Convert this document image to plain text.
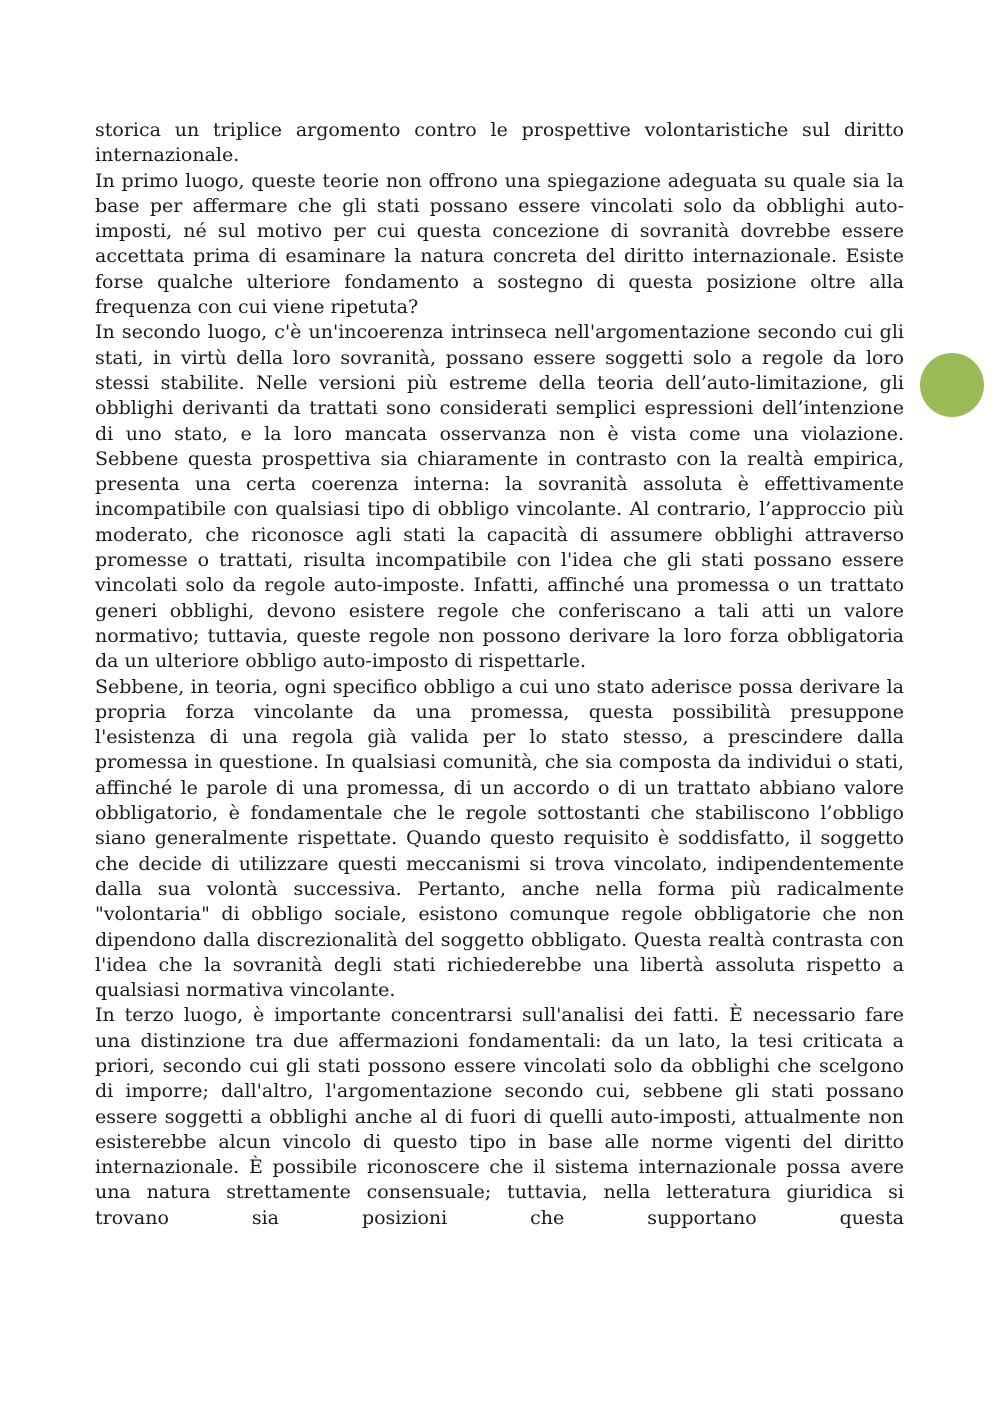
storica un triplice argomento contro le prospettive volontaristiche sul diritto internazionale.

In primo luogo, queste teorie non offrono una spiegazione adeguata su quale sia la base per affermare che gli stati possano essere vincolati solo da obblighi auto-imposti, né sul motivo per cui questa concezione di sovranità dovrebbe essere accettata prima di esaminare la natura concreta del diritto internazionale. Esiste forse qualche ulteriore fondamento a sostegno di questa posizione oltre alla frequenza con cui viene ripetuta?

In secondo luogo, c'è un'incoerenza intrinseca nell'argomentazione secondo cui gli stati, in virtù della loro sovranità, possano essere soggetti solo a regole da loro stessi stabilite. Nelle versioni più estreme della teoria dell’auto-limitazione, gli obblighi derivanti da trattati sono considerati semplici espressioni dell’intenzione di uno stato, e la loro mancata osservanza non è vista come una violazione. Sebbene questa prospettiva sia chiaramente in contrasto con la realtà empirica, presenta una certa coerenza interna: la sovranità assoluta è effettivamente incompatibile con qualsiasi tipo di obbligo vincolante. Al contrario, l’approccio più moderato, che riconosce agli stati la capacità di assumere obblighi attraverso promesse o trattati, risulta incompatibile con l'idea che gli stati possano essere vincolati solo da regole auto-imposte. Infatti, affinché una promessa o un trattato generi obblighi, devono esistere regole che conferiscano a tali atti un valore normativo; tuttavia, queste regole non possono derivare la loro forza obbligatoria da un ulteriore obbligo auto-imposto di rispettarle.

Sebbene, in teoria, ogni specifico obbligo a cui uno stato aderisce possa derivare la propria forza vincolante da una promessa, questa possibilità presuppone l'esistenza di una regola già valida per lo stato stesso, a prescindere dalla promessa in questione. In qualsiasi comunità, che sia composta da individui o stati, affinché le parole di una promessa, di un accordo o di un trattato abbiano valore obbligatorio, è fondamentale che le regole sottostanti che stabiliscono l’obbligo siano generalmente rispettate. Quando questo requisito è soddisfatto, il soggetto che decide di utilizzare questi meccanismi si trova vincolato, indipendentemente dalla sua volontà successiva. Pertanto, anche nella forma più radicalmente "volontaria" di obbligo sociale, esistono comunque regole obbligatorie che non dipendono dalla discrezionalità del soggetto obbligato. Questa realtà contrasta con l'idea che la sovranità degli stati richiederebbe una libertà assoluta rispetto a qualsiasi normativa vincolante.

In terzo luogo, è importante concentrarsi sull'analisi dei fatti. È necessario fare una distinzione tra due affermazioni fondamentali: da un lato, la tesi criticata a priori, secondo cui gli stati possono essere vincolati solo da obblighi che scelgono di imporre; dall'altro, l'argomentazione secondo cui, sebbene gli stati possano essere soggetti a obblighi anche al di fuori di quelli auto-imposti, attualmente non esisterebbe alcun vincolo di questo tipo in base alle norme vigenti del diritto internazionale. È possibile riconoscere che il sistema internazionale possa avere una natura strettamente consensuale; tuttavia, nella letteratura giuridica si trovano sia posizioni che supportano questa
